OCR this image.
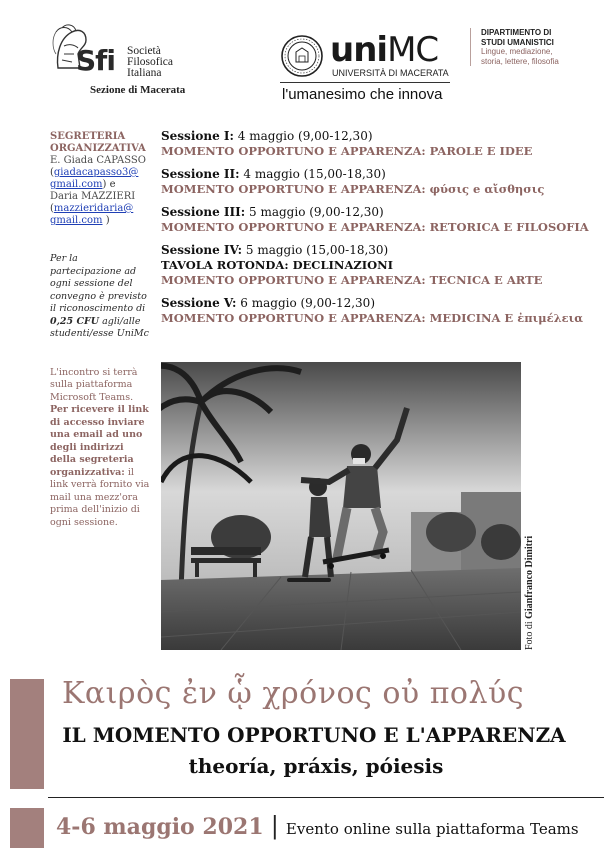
Sfi Società
Filosofica
Italiana
Sezione di Macerata
uniMC
UNIVERSITÀ DI MACERATA
l'umanesimo che innova
DIPARTIMENTO DI
STUDI UMANISTICI
Lingue, mediazione,
storia, lettere, filosofia
SEGRETERIA
ORGANIZZATIVA
E. Giada CAPASSO
(giadacapasso3@
gmail.com) e
Daria MAZZIERI
(mazzieridaria@
gmail.com )
Per la partecipazione ad ogni sessione del convegno è previsto il riconoscimento di 0,25 CFU agli/alle studenti/esse UniMc
L'incontro si terrà sulla piattaforma Microsoft Teams. Per ricevere il link di accesso inviare una email ad uno degli indirizzi della segreteria organizzativa: il link verrà fornito via mail una mezz'ora prima dell'inizio di ogni sessione.
Sessione I: 4 maggio (9,00-12,30)
MOMENTO OPPORTUNO E APPARENZA: PAROLE E IDEE
Sessione II: 4 maggio (15,00-18,30)
MOMENTO OPPORTUNO E APPARENZA: φύσις e αἴσθησις
Sessione III: 5 maggio (9,00-12,30)
MOMENTO OPPORTUNO E APPARENZA: RETORICA E FILOSOFIA
Sessione IV: 5 maggio (15,00-18,30)
TAVOLA ROTONDA: DECLINAZIONI
MOMENTO OPPORTUNO E APPARENZA: TECNICA E ARTE
Sessione V: 6 maggio (9,00-12,30)
MOMENTO OPPORTUNO E APPARENZA: MEDICINA E ἐπιμέλεια
Foto di Gianfranco Dimitri
Καιρὸς ἐν ᾧ χρόνος οὐ πολύς
IL MOMENTO OPPORTUNO E L'APPARENZA
theoría, práxis, póiesis
4-6 maggio 2021 | Evento online sulla piattaforma Teams
